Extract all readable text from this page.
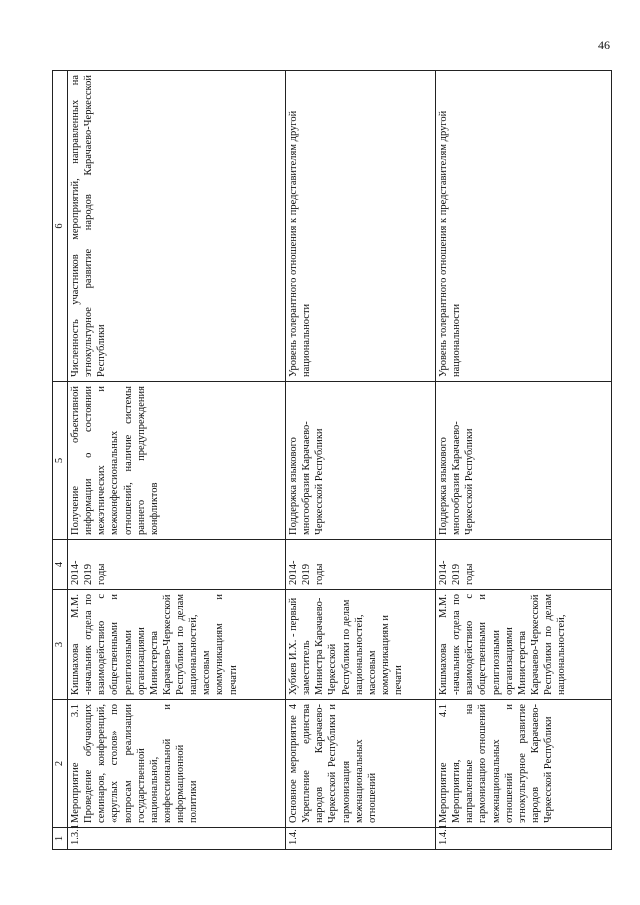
46
1	2	3	4	5	6
1.3.1	Мероприятие 3.1 Проведение обучающих семинаров, конференций, «круглых столов» по вопросам реализации государственной национальной, конфессиональной и информационной политики	Кишмахова М.М. -начальник отдела по взаимодействию с общественными и религиозными организациями Министерства Карачаево-Черкесской Республики по делам национальностей, массовым коммуникациям и печати	2014-2019 годы	Получение объективной информации о состоянии межэтнических и межконфессиональных отношений, наличие системы раннего предупреждения конфликтов	Численность участников мероприятий, направленных на этнокультурное развитие народов Карачаево-Черкесской Республики
1.4.	Основное мероприятие 4 Укрепление единства народов Карачаево-Черкесской Республики и гармонизация межнациональных отношений	Хубиев И.Х. - первый заместитель Министра Карачаево-Черкесской Республики по делам национальностей, массовым коммуникациям и печати	2014-2019 годы	Поддержка языкового многообразия Карачаево-Черкесской Республики	Уровень толерантного отношения к представителям другой национальности
1.4.1	Мероприятие 4.1 Мероприятия, направленные на гармонизацию отношений межнациональных отношений и этнокультурное развитие народов Карачаево-Черкесской Республики	Кишмахова М.М. -начальник отдела по взаимодействию с общественными и религиозными организациями Министерства Карачаево-Черкесской Республики по делам национальностей,	2014-2019 годы	Поддержка языкового многообразия Карачаево-Черкесской Республики	Уровень толерантного отношения к представителям другой национальности
